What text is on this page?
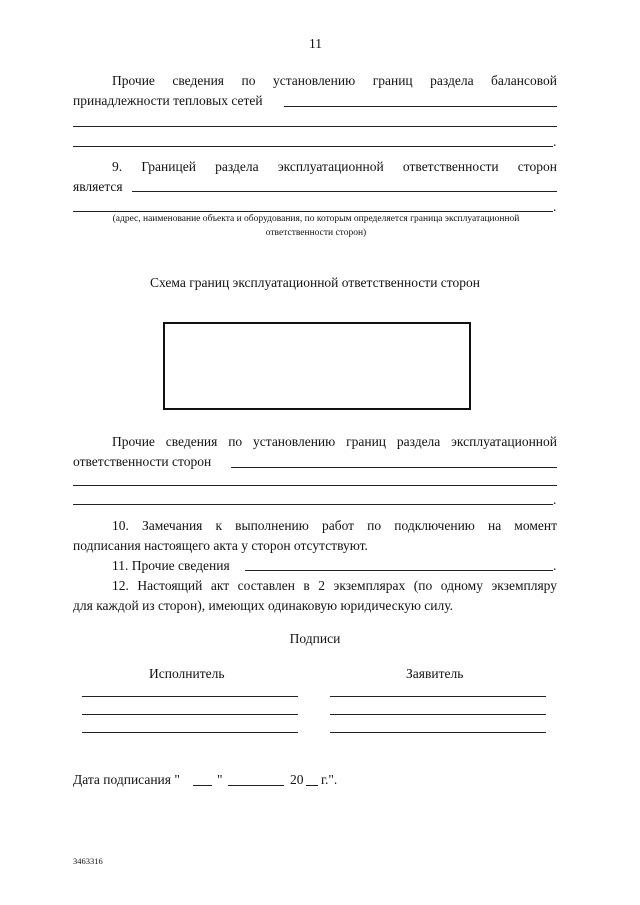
11
Прочие сведения по установлению границ раздела балансовой
принадлежности тепловых сетей
.
9. Границей раздела эксплуатационной ответственности сторон
является
.
(адрес, наименование объекта и оборудования, по которым определяется граница эксплуатационной
ответственности сторон)
Схема границ эксплуатационной ответственности сторон
Прочие сведения по установлению границ раздела эксплуатационной
ответственности сторон
.
10. Замечания к выполнению работ по подключению на момент
подписания настоящего акта у сторон отсутствуют.
11. Прочие сведения	.
12. Настоящий акт составлен в 2 экземплярах (по одному экземпляру
для каждой из сторон), имеющих одинаковую юридическую силу.
Подписи
Исполнитель	Заявитель
Дата подписания "	"	20 г.".
3463316
